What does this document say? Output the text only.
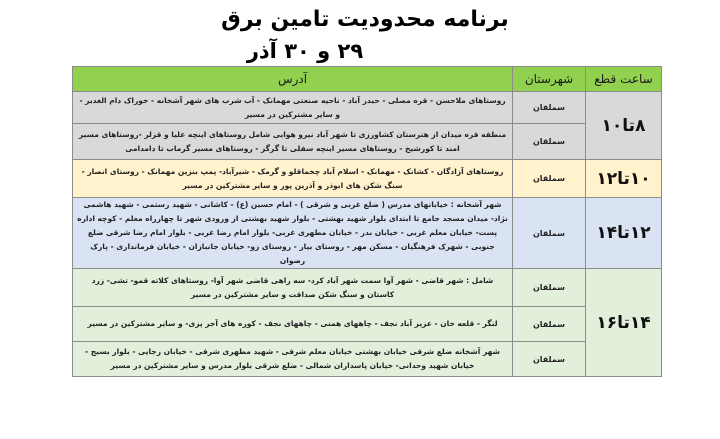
برنامه محدودیت تامین برق
۲۹ و ۳۰ آذر
ساعت قطع	شهرستان	آدرس
۸تا۱۰	سملقان	روستاهای ملاحسن - قره مصلی - حیدر آباد - ناحیه صنعتی مهمانک - آب شرب های شهر آشخانه - خوراک دام الغدیر - و سایر مشترکین در مسیر
	سملقان	منطقه قره میدان از هنرستان کشاورزی تا شهر آباد نیرو هوایی شامل روستاهای اینچه علیا و قزلر -روستاهای مسیر امند تا کورشیخ - روستاهای مسیر اینچه سفلی تا گرگز - روستاهای مسیر گرماب تا دامدامی
۱۰تا۱۲	سملقان	روستاهای آزادگان - کشانک - مهمانک - اسلام آباد چخماقلو و گرمک - شیرآباد- پمپ بنزین مهمانک - روستای انصار - سنگ شکن های ابوذر و آذرین پور و سایر مشترکین در مسیر
۱۲تا۱۴	سملقان	شهر آشخانه : خیابانهای مدرس ( ضلع غربی و شرقی ) - امام حسین (ع) - کاشانی - شهید رستمی - شهید هاشمی نژاد- میدان مسجد جامع تا ابتدای بلوار شهید بهشتی - بلوار شهید بهشتی از ورودی شهر تا چهارراه معلم - کوچه اداره پست- خیابان معلم غربی - خیابان بدر - خیابان مطهری غربی- بلوار امام رضا غربی - بلوار امام رضا شرقی ضلع جنوبی - شهرک فرهنگیان - مسکن مهر - روستای بیار - روستای زو- خیابان جانبازان - خیابان فرمانداری - پارک رضوان
۱۴تا۱۶	سملقان	شامل : شهر قاضی - شهر آوا سمت شهر آباد کرد- سه راهی قاضی شهر آوا- روستاهای کلاته قمو- تشی- زرد کاستان و سنگ شکن صداقت و سایر مشترکین در مسیر
	سملقان	لنگر - قلعه خان - عزیز آباد نجف - چاههای همتی - چاههای نجف - کوره های آجر پزی- و سایر مشترکین در مسیر
	سملقان	شهر آشخانه ضلع شرقی خیابان بهشتی خیابان معلم شرقی - شهید مطهری شرقی - خیابان رجایی - بلوار بسیج - خیابان شهید وحدانی- خیابان پاسداران شمالی - ضلع شرقی بلوار مدرس و سایر مشترکین در مسیر
